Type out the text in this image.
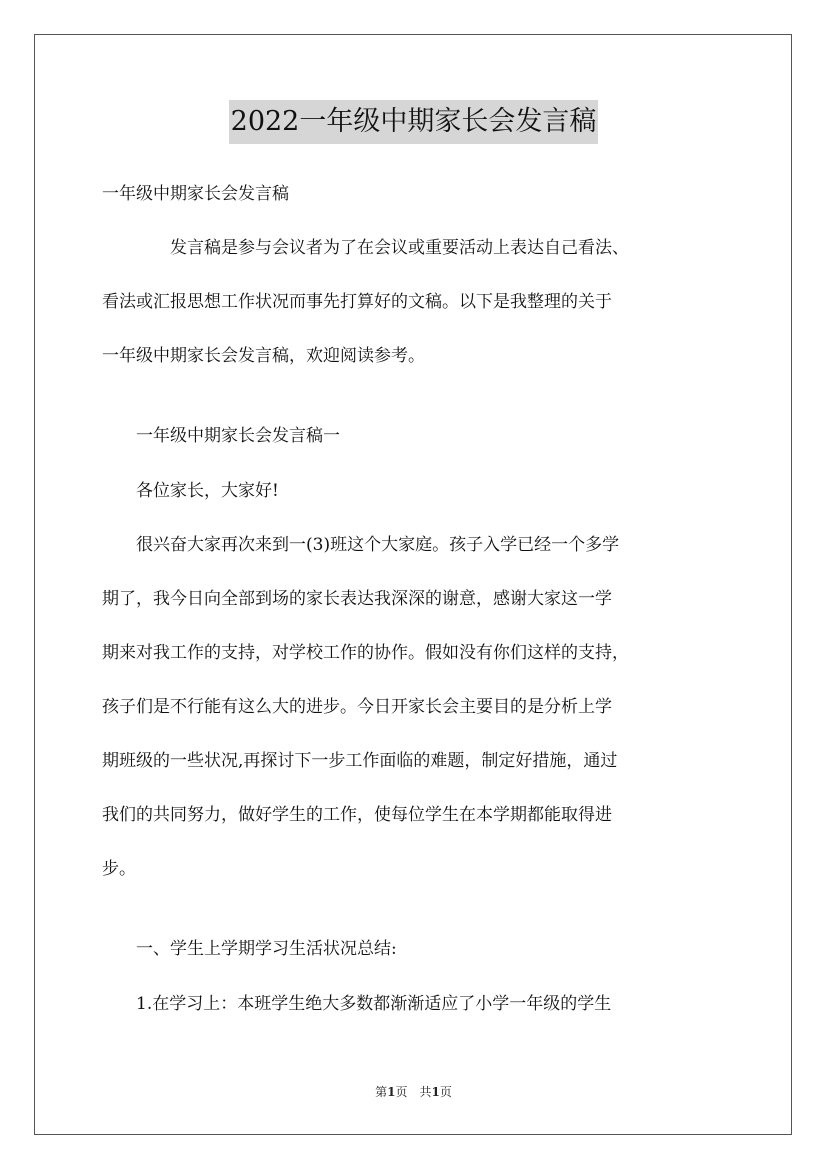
2022一年级中期家长会发言稿
一年级中期家长会发言稿
　　　　发言稿是参与会议者为了在会议或重要活动上表达自己看法、
看法或汇报思想工作状况而事先打算好的文稿。以下是我整理的关于
一年级中期家长会发言稿，欢迎阅读参考。
　　一年级中期家长会发言稿一
　　各位家长，大家好!
　　很兴奋大家再次来到一(3)班这个大家庭。孩子入学已经一个多学
期了，我今日向全部到场的家长表达我深深的谢意，感谢大家这一学
期来对我工作的支持，对学校工作的协作。假如没有你们这样的支持，
孩子们是不行能有这么大的进步。今日开家长会主要目的是分析上学
期班级的一些状况,再探讨下一步工作面临的难题，制定好措施，通过
我们的共同努力，做好学生的工作，使每位学生在本学期都能取得进
步。
　　一、学生上学期学习生活状况总结:
　　1.在学习上：本班学生绝大多数都渐渐适应了小学一年级的学生
第1页　共1页
